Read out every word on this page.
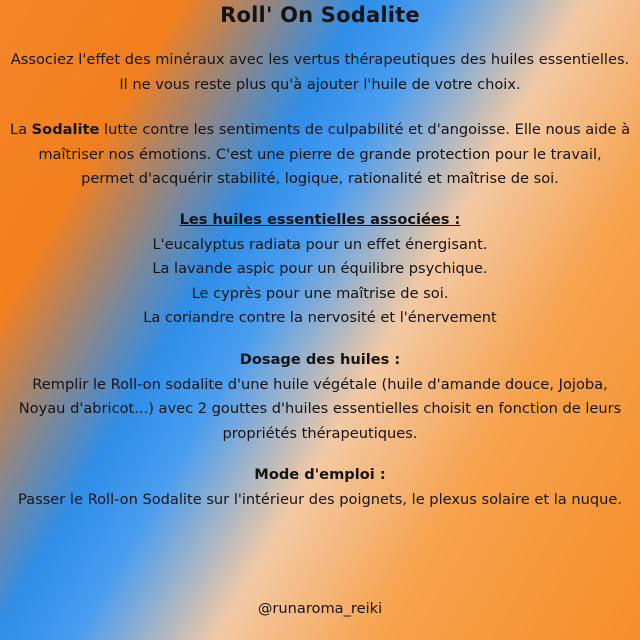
Roll' On Sodalite
Associez l'effet des minéraux avec les vertus thérapeutiques des huiles essentielles.
Il ne vous reste plus qu'à ajouter l'huile de votre choix.
La Sodalite lutte contre les sentiments de culpabilité et d'angoisse. Elle nous aide à
maîtriser nos émotions. C'est une pierre de grande protection pour le travail,
permet d'acquérir stabilité, logique, rationalité et maîtrise de soi.
Les huiles essentielles associées :
L'eucalyptus radiata pour un effet énergisant.
La lavande aspic pour un équilibre psychique.
Le cyprès pour une maîtrise de soi.
La coriandre contre la nervosité et l'énervement
Dosage des huiles :
Remplir le Roll-on sodalite d'une huile végétale (huile d'amande douce, Jojoba,
Noyau d'abricot...) avec 2 gouttes d'huiles essentielles choisit en fonction de leurs
propriétés thérapeutiques.
Mode d'emploi :
Passer le Roll-on Sodalite sur l'intérieur des poignets, le plexus solaire et la nuque.
@runaroma_reiki
